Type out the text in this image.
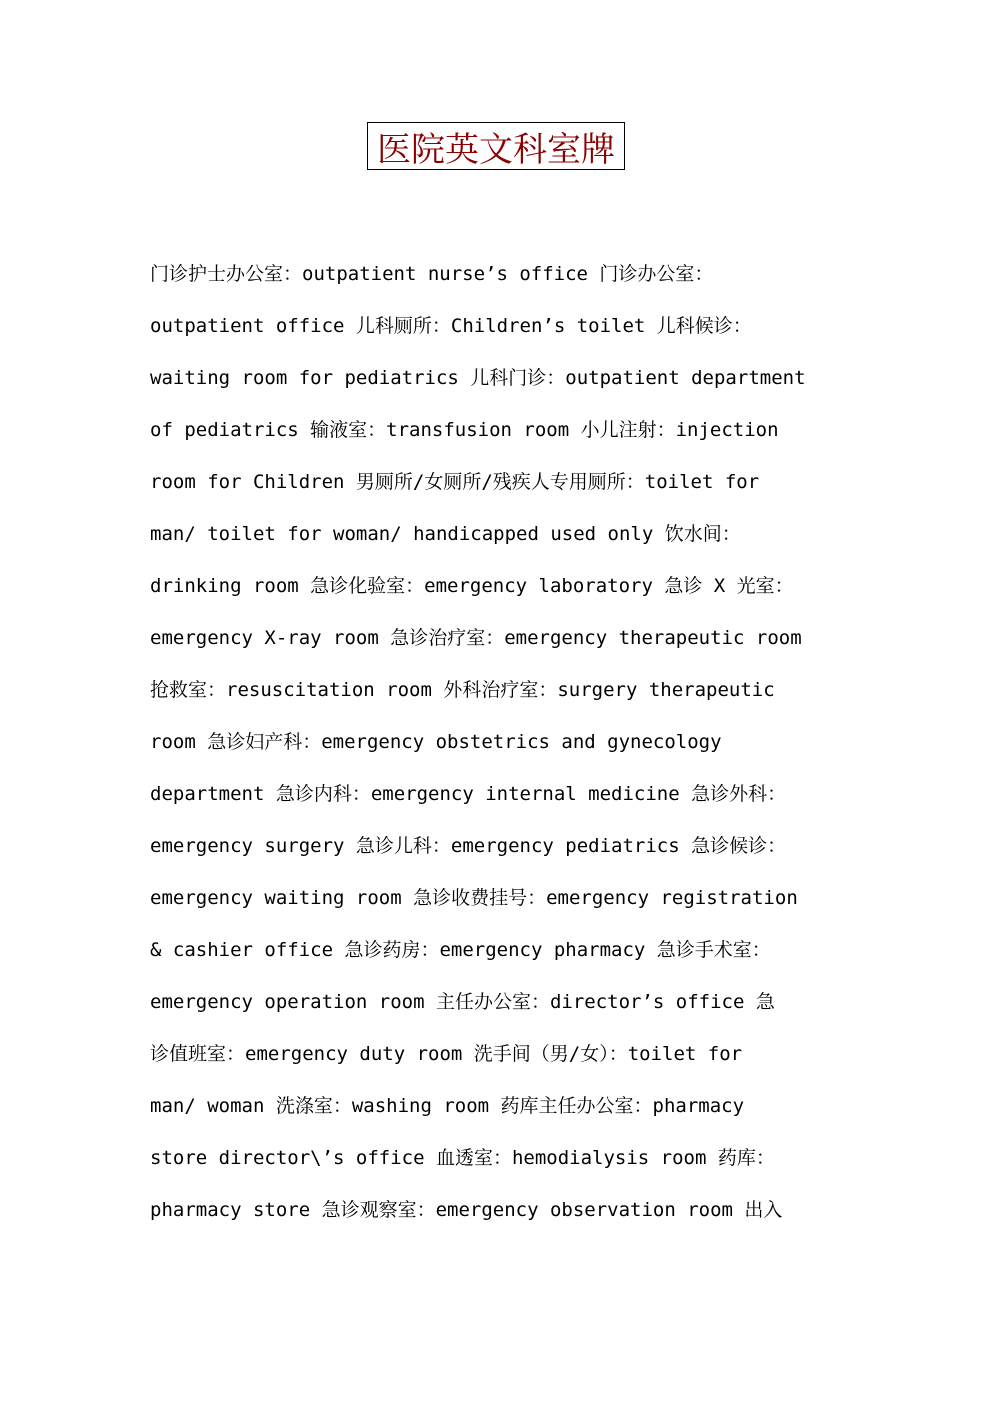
医院英文科室牌
门诊护士办公室：outpatient nurse’s office 门诊办公室：
outpatient office 儿科厕所：Children’s toilet 儿科候诊：
waiting room for pediatrics 儿科门诊：outpatient department
of pediatrics 输液室：transfusion room 小儿注射：injection
room for Children 男厕所/女厕所/残疾人专用厕所：toilet for
man/ toilet for woman/ handicapped used only 饮水间：
drinking room 急诊化验室：emergency laboratory 急诊 X 光室：
emergency X-ray room 急诊治疗室：emergency therapeutic room
抢救室：resuscitation room 外科治疗室：surgery therapeutic
room 急诊妇产科：emergency obstetrics and gynecology
department 急诊内科：emergency internal medicine 急诊外科：
emergency surgery 急诊儿科：emergency pediatrics 急诊候诊：
emergency waiting room 急诊收费挂号：emergency registration
& cashier office 急诊药房：emergency pharmacy 急诊手术室：
emergency operation room 主任办公室：director’s office 急
诊值班室：emergency duty room 洗手间（男/女）：toilet for
man/ woman 洗涤室：washing room 药库主任办公室：pharmacy
store director\’s office 血透室：hemodialysis room 药库：
pharmacy store 急诊观察室：emergency observation room 出入
